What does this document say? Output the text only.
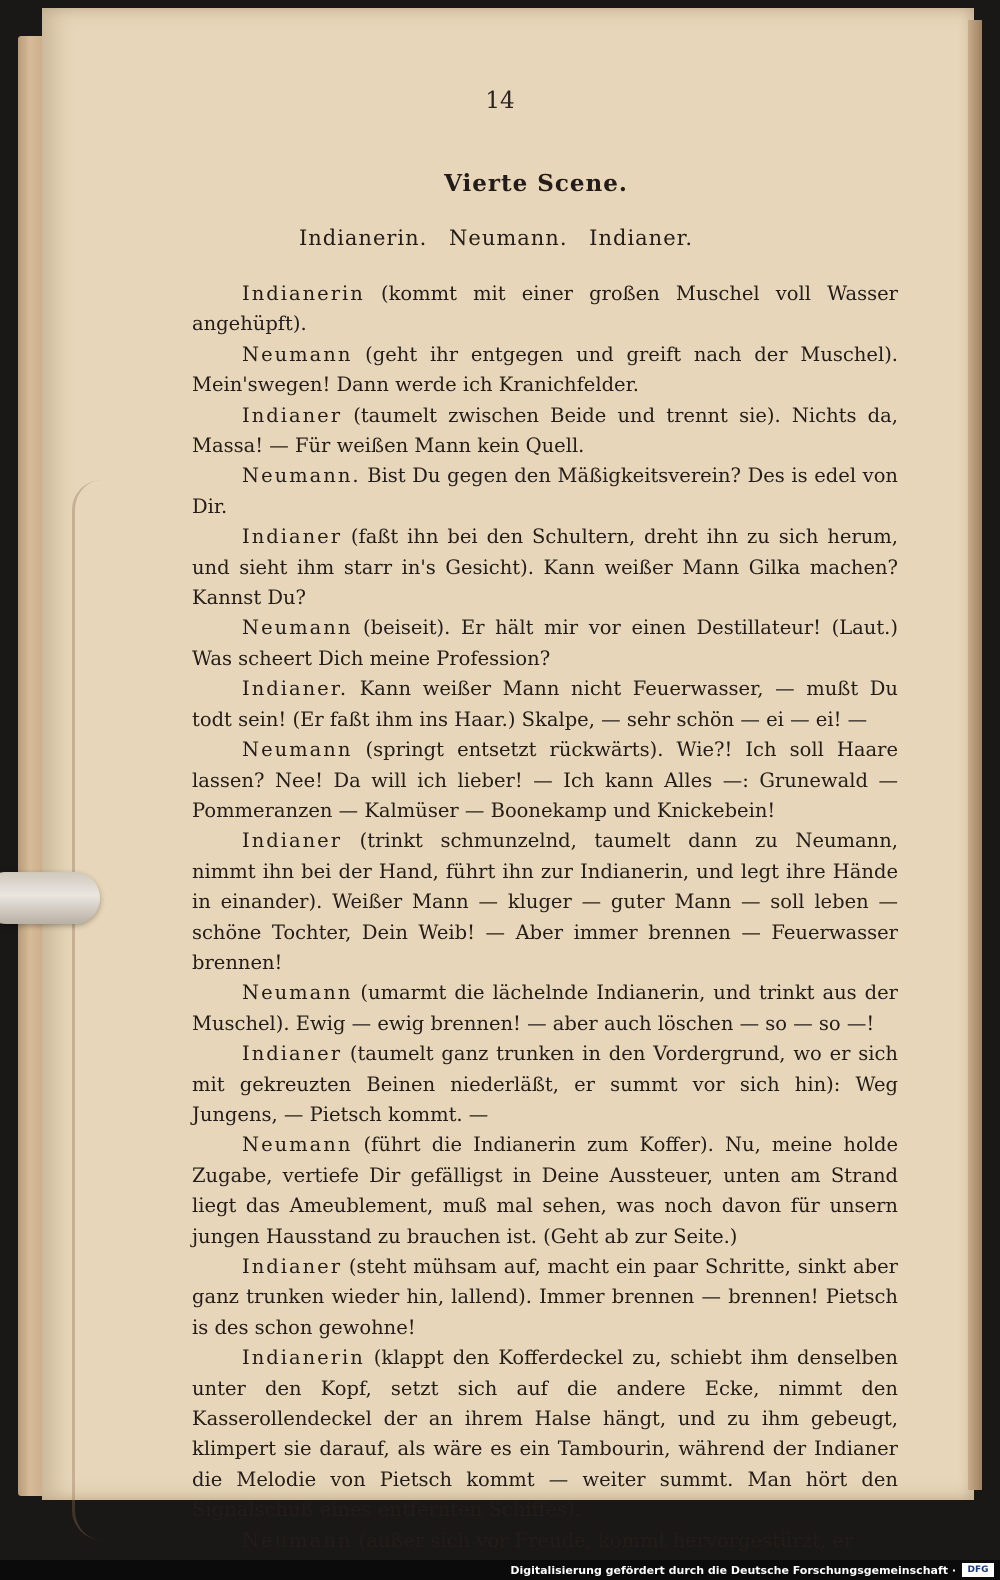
14
Vierte Scene.
Indianerin. Neumann. Indianer.

Indianerin (kommt mit einer großen Muschel voll Wasser angehüpft).

Neumann (geht ihr entgegen und greift nach der Muschel). Mein'swegen! Dann werde ich Kranichfelder.

Indianer (taumelt zwischen Beide und trennt sie). Nichts da, Massa! — Für weißen Mann kein Quell.

Neumann. Bist Du gegen den Mäßigkeitsverein? Des is edel von Dir.

Indianer (faßt ihn bei den Schultern, dreht ihn zu sich herum, und sieht ihm starr in's Gesicht). Kann weißer Mann Gilka machen? Kannst Du?

Neumann (beiseit). Er hält mir vor einen Destillateur! (Laut.) Was scheert Dich meine Profession?

Indianer. Kann weißer Mann nicht Feuerwasser, — mußt Du todt sein! (Er faßt ihm ins Haar.) Skalpe, — sehr schön — ei — ei! —

Neumann (springt entsetzt rückwärts). Wie?! Ich soll Haare lassen? Nee! Da will ich lieber! — Ich kann Alles —: Grunewald — Pommeranzen — Kalmüser — Boonekamp und Knickebein!

Indianer (trinkt schmunzelnd, taumelt dann zu Neumann, nimmt ihn bei der Hand, führt ihn zur Indianerin, und legt ihre Hände in einander). Weißer Mann — kluger — guter Mann — soll leben — schöne Tochter, Dein Weib! — Aber immer brennen — Feuerwasser brennen!

Neumann (umarmt die lächelnde Indianerin, und trinkt aus der Muschel). Ewig — ewig brennen! — aber auch löschen — so — so —!

Indianer (taumelt ganz trunken in den Vordergrund, wo er sich mit gekreuzten Beinen niederläßt, er summt vor sich hin): Weg Jungens, — Pietsch kommt. —

Neumann (führt die Indianerin zum Koffer). Nu, meine holde Zugabe, vertiefe Dir gefälligst in Deine Aussteuer, unten am Strand liegt das Ameublement, muß mal sehen, was noch davon für unsern jungen Hausstand zu brauchen ist. (Geht ab zur Seite.)

Indianer (steht mühsam auf, macht ein paar Schritte, sinkt aber ganz trunken wieder hin, lallend). Immer brennen — brennen! Pietsch is des schon gewohne!

Indianerin (klappt den Kofferdeckel zu, schiebt ihm denselben unter den Kopf, setzt sich auf die andere Ecke, nimmt den Kasserollendeckel der an ihrem Halse hängt, und zu ihm gebeugt, klimpert sie darauf, als wäre es ein Tambourin, während der Indianer die Melodie von Pietsch kommt — weiter summt. Man hört den Signalschuß eines entfernten Schiffes).

Neumann (außer sich vor Freude, kommt hervorgestürzt, er

Digitalisierung gefördert durch die Deutsche Forschungsgemeinschaft ·	DFG
